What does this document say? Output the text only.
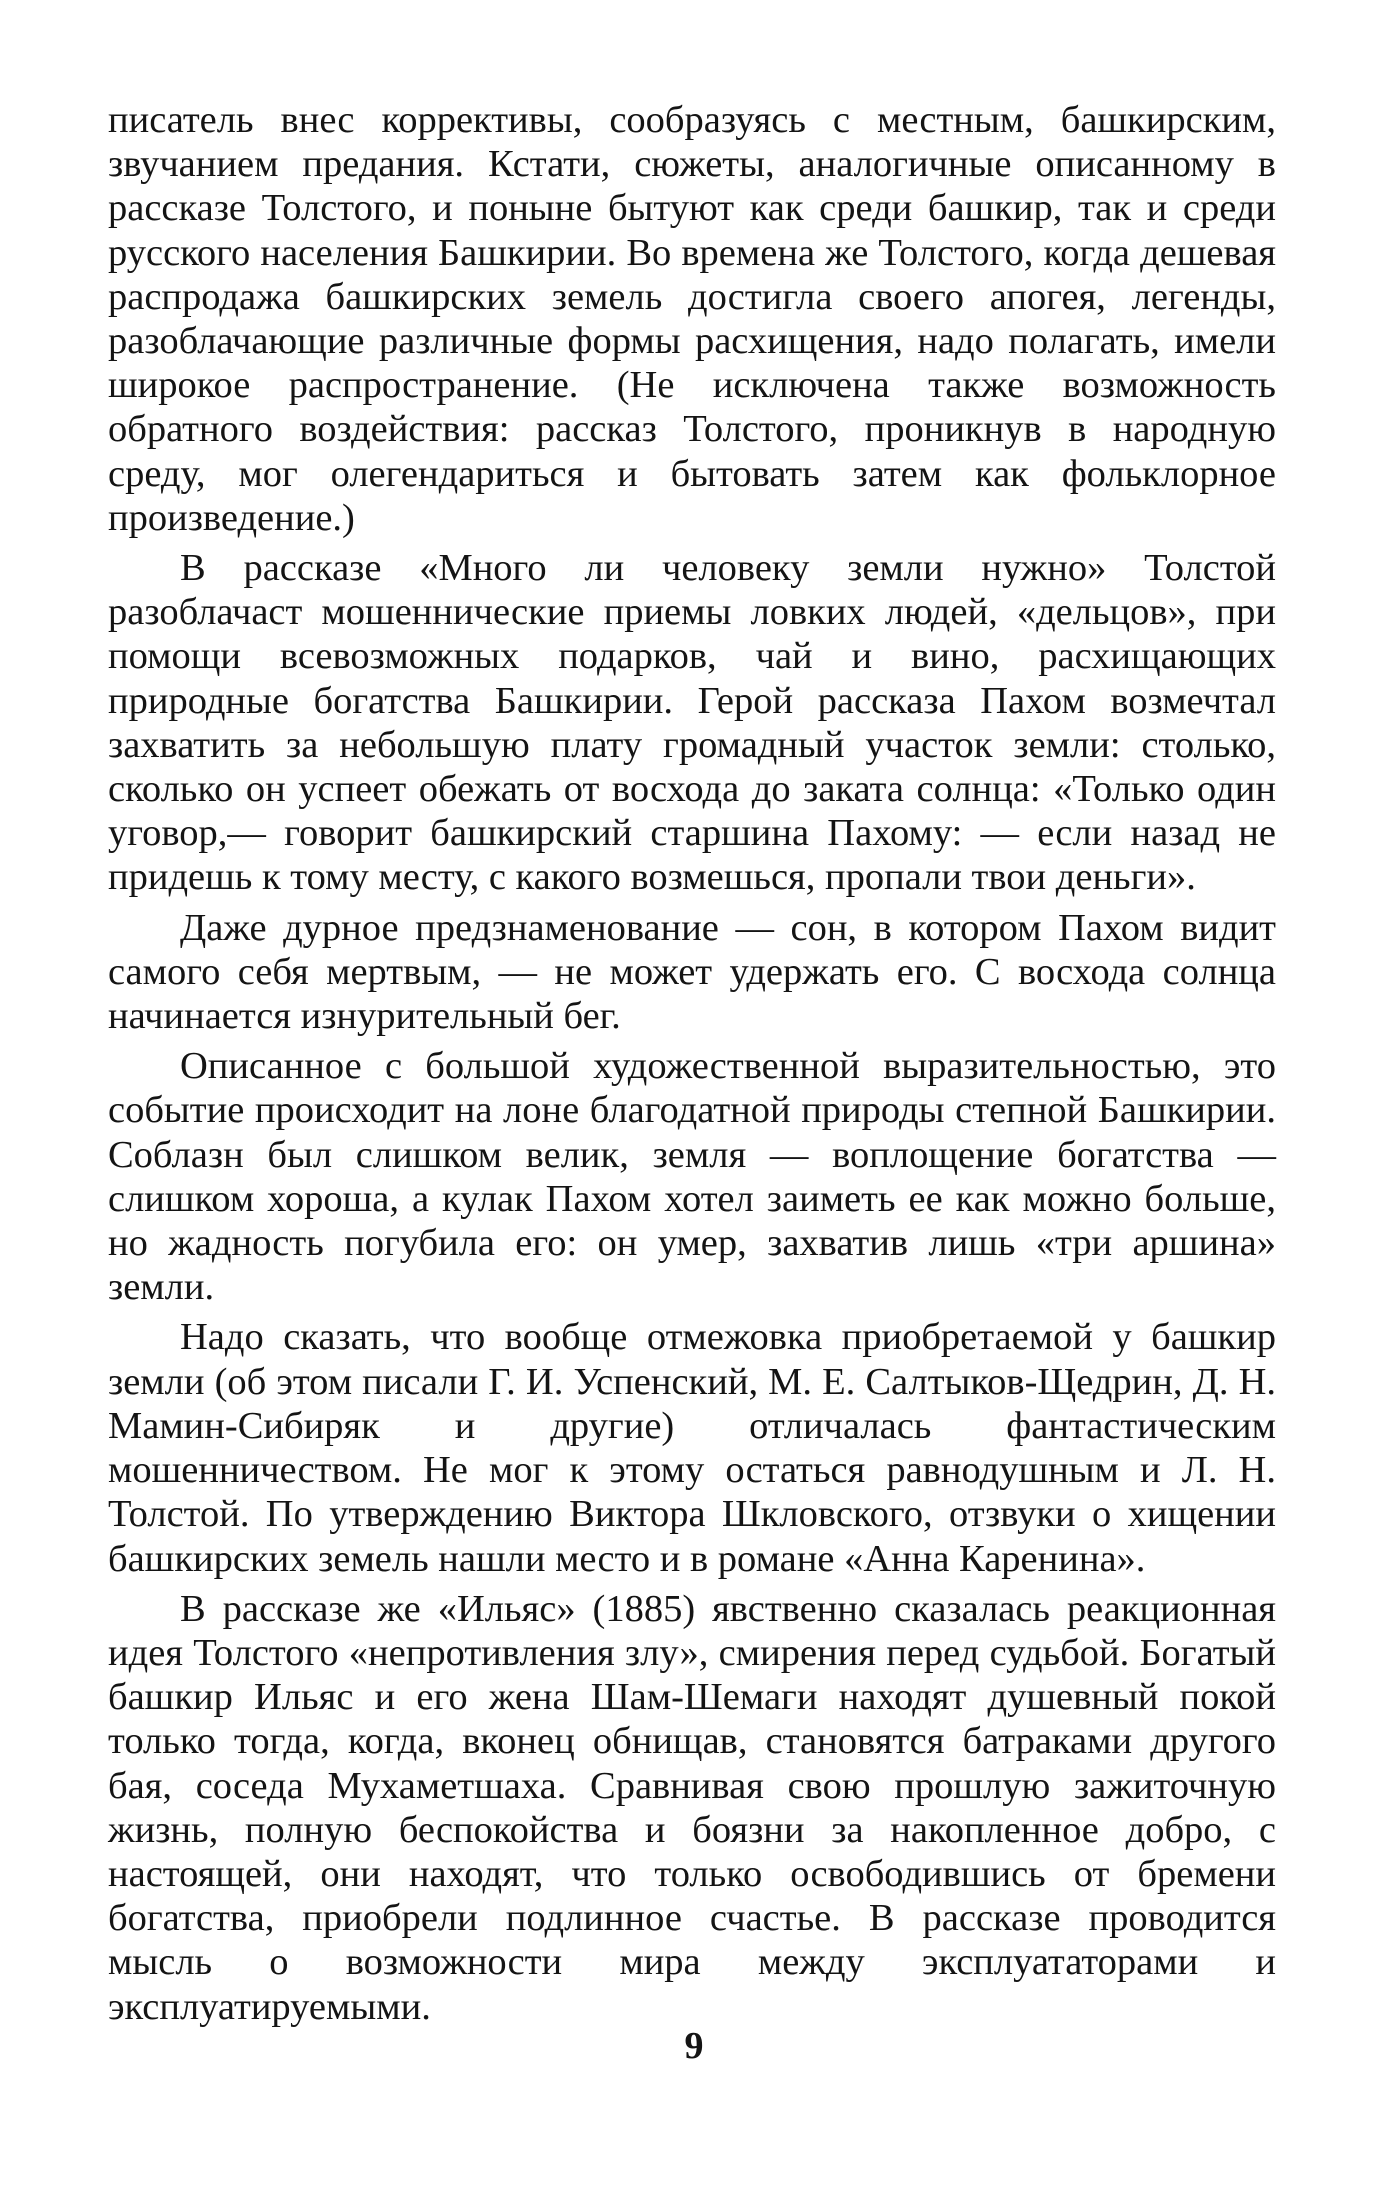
писатель внес коррективы, сообразуясь с местным, башкирским, звучанием предания. Кстати, сюжеты, аналогичные описанному в рассказе Толстого, и поныне бытуют как среди башкир, так и среди русского населения Башкирии. Во времена же Толстого, когда дешевая распродажа башкирских земель достигла своего апогея, легенды, разоблачающие различные формы расхищения, надо полагать, имели широкое распространение. (Не исключена также возможность обратного воздействия: рассказ Толстого, проникнув в народную среду, мог олегендариться и бытовать затем как фольклорное произведение.)

В рассказе «Много ли человеку земли нужно» Толстой разоблачаст мошеннические приемы ловких людей, «дельцов», при помощи всевозможных подарков, чай и вино, расхищающих природные богатства Башкирии. Герой рассказа Пахом возмечтал захватить за небольшую плату громадный участок земли: столько, сколько он успеет обежать от восхода до заката солнца: «Только один уговор,— говорит башкирский старшина Пахому: — если назад не придешь к тому месту, с какого возмешься, пропали твои деньги».

Даже дурное предзнаменование — сон, в котором Пахом видит самого себя мертвым, — не может удержать его. С восхода солнца начинается изнурительный бег.

Описанное с большой художественной выразительностью, это событие происходит на лоне благодатной природы степной Башкирии. Соблазн был слишком велик, земля — воплощение богатства — слишком хороша, а кулак Пахом хотел заиметь ее как можно больше, но жадность погубила его: он умер, захватив лишь «три аршина» земли.

Надо сказать, что вообще отмежовка приобретаемой у башкир земли (об этом писали Г. И. Успенский, М. Е. Салтыков-Щедрин, Д. Н. Мамин-Сибиряк и другие) отличалась фантастическим мошенничеством. Не мог к этому остаться равнодушным и Л. Н. Толстой. По утверждению Виктора Шкловского, отзвуки о хищении башкирских земель нашли место и в романе «Анна Каренина».

В рассказе же «Ильяс» (1885) явственно сказалась реакционная идея Толстого «непротивления злу», смирения перед судьбой. Богатый башкир Ильяс и его жена Шам-Шемаги находят душевный покой только тогда, когда, вконец обнищав, становятся батраками другого бая, соседа Мухаметшаха. Сравнивая свою прошлую зажиточную жизнь, полную беспокойства и боязни за накопленное добро, с настоящей, они находят, что только освободившись от бремени богатства, приобрели подлинное счастье. В рассказе проводится мысль о возможности мира между эксплуататорами и эксплуатируемыми.

9
